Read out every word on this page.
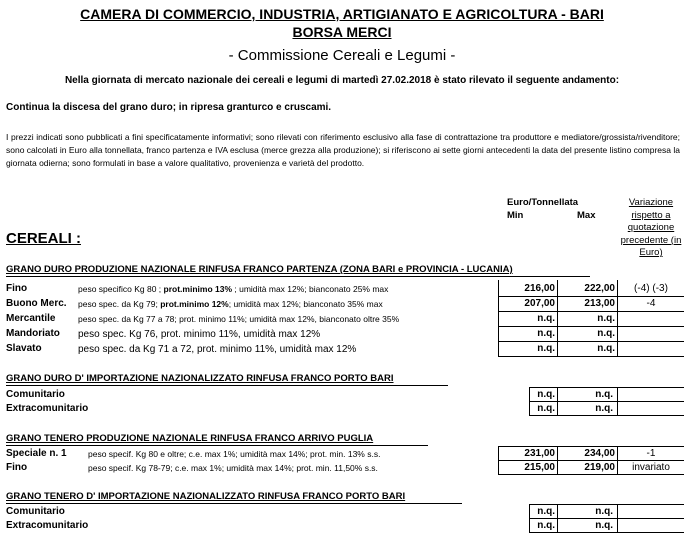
CAMERA DI COMMERCIO, INDUSTRIA, ARTIGIANATO E AGRICOLTURA - BARI
BORSA MERCI
- Commissione Cereali e Legumi -
Nella giornata di mercato nazionale dei cereali e legumi di martedì 27.02.2018 è stato rilevato il seguente andamento:
Continua la discesa del grano duro; in ripresa granturco e cruscami.
I prezzi indicati sono pubblicati a fini specificatamente informativi; sono rilevati con riferimento esclusivo alla fase di contrattazione tra produttore e mediatore/grossista/rivenditore; sono calcolati in Euro alla tonnellata, franco partenza e IVA esclusa (merce grezza alla produzione); si riferiscono ai sette giorni antecedenti la data del presente listino compresa la giornata odierna; sono formulati in base a valore qualitativo, provenienza e varietà del prodotto.
Euro/Tonnellata
Min	Max
Variazione rispetto a quotazione precedente (in Euro)
CEREALI :
GRANO DURO PRODUZIONE NAZIONALE RINFUSA FRANCO PARTENZA (ZONA BARI e PROVINCIA - LUCANIA)
Fino	peso specifico Kg 80 ; prot.minimo 13% ; umidità max 12%; bianconato 25% max	216,00	222,00	(-4) (-3)
Buono Merc. peso spec. da Kg 79; prot.minimo 12%; umidità max 12%; bianconato 35% max	207,00	213,00	-4
Mercantile	peso spec. da Kg 77 a 78; prot. minimo 11%; umidità max 12%, bianconato oltre 35%	n.q.	n.q.
Mandoriato peso spec. Kg 76, prot. minimo 11%, umidità max 12%	n.q.	n.q.
Slavato	peso spec. da Kg 71 a 72, prot. minimo 11%, umidità max 12%	n.q.	n.q.
GRANO DURO D' IMPORTAZIONE NAZIONALIZZATO RINFUSA FRANCO PORTO BARI
Comunitario	n.q.	n.q.
Extracomunitario	n.q.	n.q.
GRANO TENERO PRODUZIONE NAZIONALE RINFUSA FRANCO ARRIVO PUGLIA
Speciale n. 1	peso specif. Kg 80 e oltre; c.e. max 1%; umidità max 14%; prot. min. 13% s.s.	231,00	234,00	-1
Fino	peso specif. Kg 78-79; c.e. max 1%; umidità max 14%; prot. min. 11,50% s.s.	215,00	219,00	invariato
GRANO TENERO D' IMPORTAZIONE NAZIONALIZZATO RINFUSA FRANCO PORTO BARI
Comunitario	n.q.	n.q.
Extracomunitario	n.q.	n.q.
